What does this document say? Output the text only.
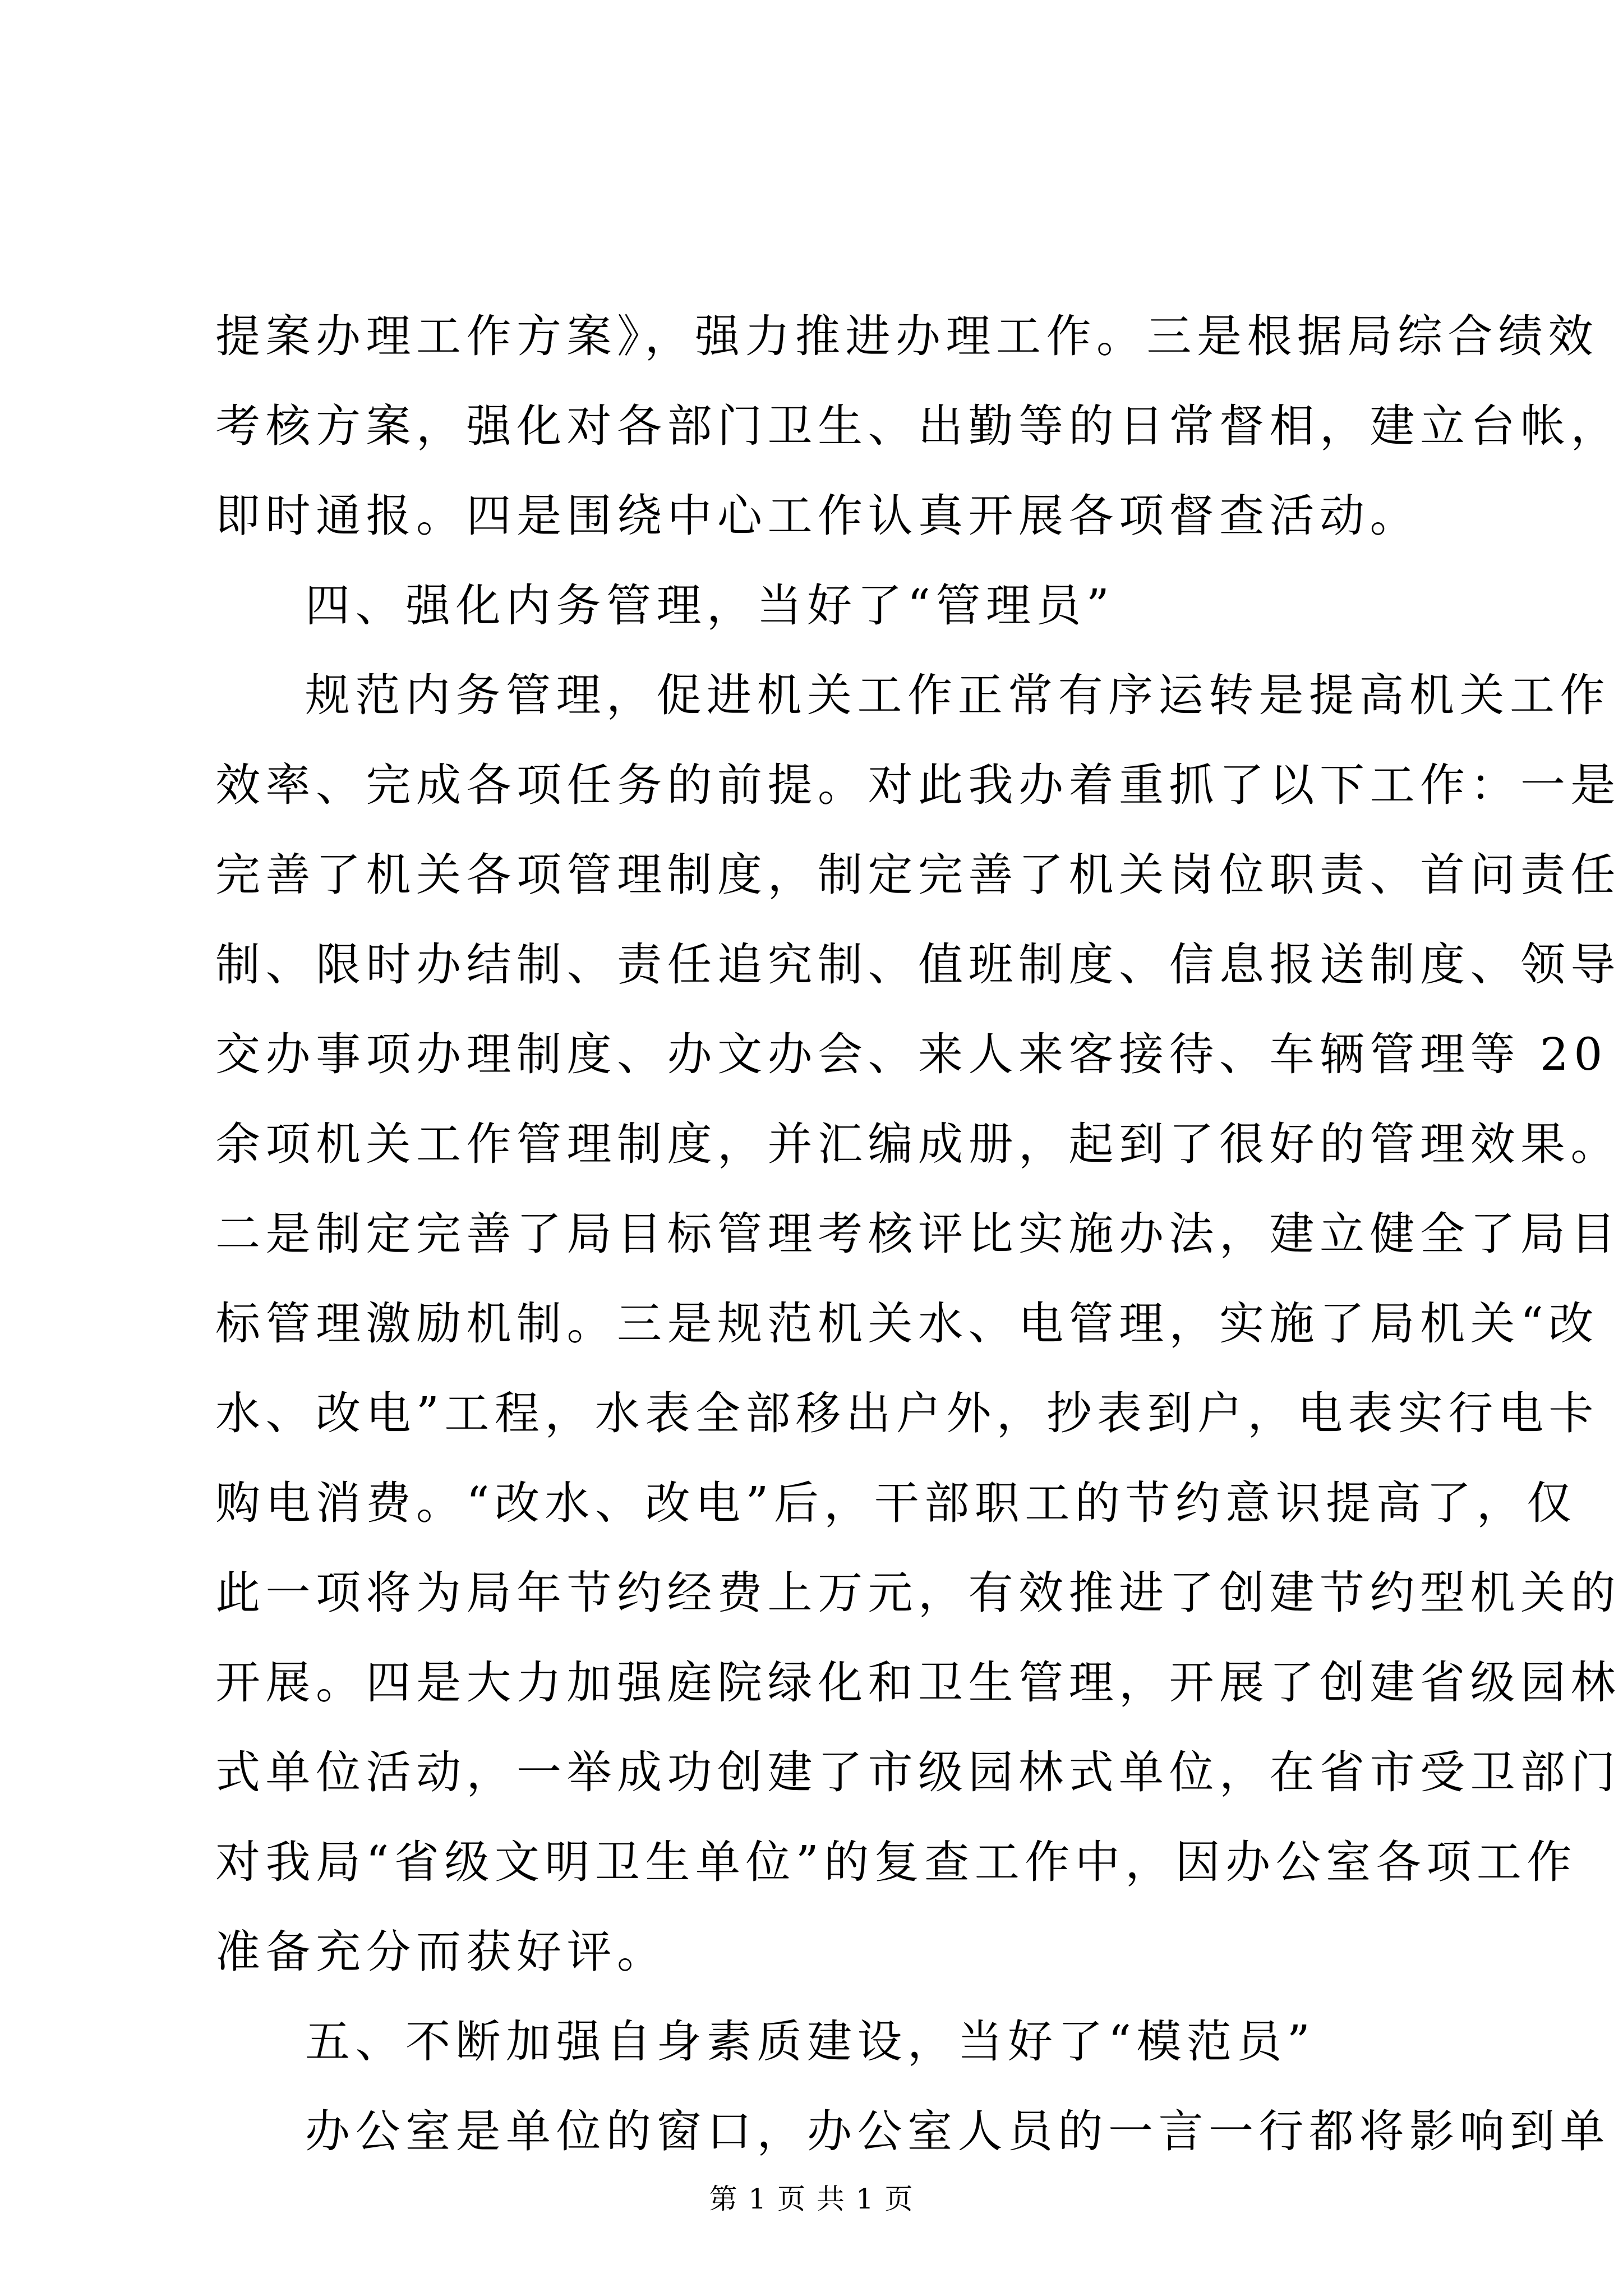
提案办理工作方案》，强力推进办理工作。三是根据局综合绩效
考核方案，强化对各部门卫生、出勤等的日常督相，建立台帐，
即时通报。四是围绕中心工作认真开展各项督查活动。
四、强化内务管理，当好了“管理员”
规范内务管理，促进机关工作正常有序运转是提高机关工作
效率、完成各项任务的前提。对此我办着重抓了以下工作：一是
完善了机关各项管理制度，制定完善了机关岗位职责、首问责任
制、限时办结制、责任追究制、值班制度、信息报送制度、领导
交办事项办理制度、办文办会、来人来客接待、车辆管理等 20
余项机关工作管理制度，并汇编成册，起到了很好的管理效果。
二是制定完善了局目标管理考核评比实施办法，建立健全了局目
标管理激励机制。三是规范机关水、电管理，实施了局机关“改
水、改电”工程，水表全部移出户外，抄表到户，电表实行电卡
购电消费。“改水、改电”后，干部职工的节约意识提高了，仅
此一项将为局年节约经费上万元，有效推进了创建节约型机关的
开展。四是大力加强庭院绿化和卫生管理，开展了创建省级园林
式单位活动，一举成功创建了市级园林式单位，在省市受卫部门
对我局“省级文明卫生单位”的复查工作中，因办公室各项工作
准备充分而获好评。
五、不断加强自身素质建设，当好了“模范员”
办公室是单位的窗口，办公室人员的一言一行都将影响到单
第 1 页 共 1 页
